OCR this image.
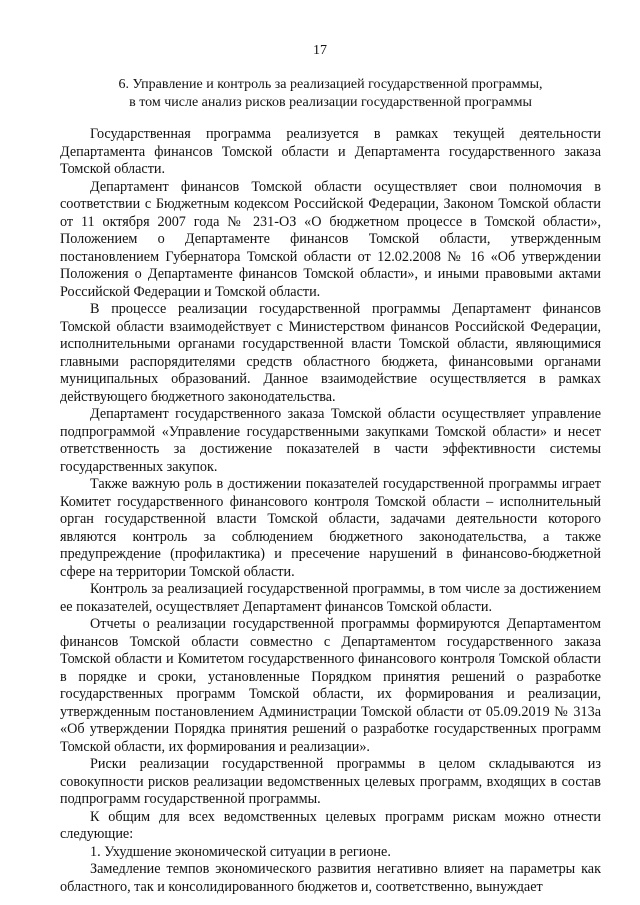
17
6. Управление и контроль за реализацией государственной программы,
в том числе анализ рисков реализации государственной программы

Государственная программа реализуется в рамках текущей деятельности Департамента финансов Томской области и Департамента государственного заказа Томской области.

Департамент финансов Томской области осуществляет свои полномочия в соответствии с Бюджетным кодексом Российской Федерации, Законом Томской области от 11 октября 2007 года № 231-ОЗ «О бюджетном процессе в Томской области», Положением о Департаменте финансов Томской области, утвержденным постановлением Губернатора Томской области от 12.02.2008 № 16 «Об утверждении Положения о Департаменте финансов Томской области», и иными правовыми актами Российской Федерации и Томской области.

В процессе реализации государственной программы Департамент финансов Томской области взаимодействует с Министерством финансов Российской Федерации, исполнительными органами государственной власти Томской области, являющимися главными распорядителями средств областного бюджета, финансовыми органами муниципальных образований. Данное взаимодействие осуществляется в рамках действующего бюджетного законодательства.

Департамент государственного заказа Томской области осуществляет управление подпрограммой «Управление государственными закупками Томской области» и несет ответственность за достижение показателей в части эффективности системы государственных закупок.

Также важную роль в достижении показателей государственной программы играет Комитет государственного финансового контроля Томской области – исполнительный орган государственной власти Томской области, задачами деятельности которого являются контроль за соблюдением бюджетного законодательства, а также предупреждение (профилактика) и пресечение нарушений в финансово-бюджетной сфере на территории Томской области.

Контроль за реализацией государственной программы, в том числе за достижением ее показателей, осуществляет Департамент финансов Томской области.

Отчеты о реализации государственной программы формируются Департаментом финансов Томской области совместно с Департаментом государственного заказа Томской области и Комитетом государственного финансового контроля Томской области в порядке и сроки, установленные Порядком принятия решений о разработке государственных программ Томской области, их формирования и реализации, утвержденным постановлением Администрации Томской области от 05.09.2019 № 313а «Об утверждении Порядка принятия решений о разработке государственных программ Томской области, их формирования и реализации».

Риски реализации государственной программы в целом складываются из совокупности рисков реализации ведомственных целевых программ, входящих в состав подпрограмм государственной программы.

К общим для всех ведомственных целевых программ рискам можно отнести следующие:

1. Ухудшение экономической ситуации в регионе.

Замедление темпов экономического развития негативно влияет на параметры как областного, так и консолидированного бюджетов и, соответственно, вынуждает
